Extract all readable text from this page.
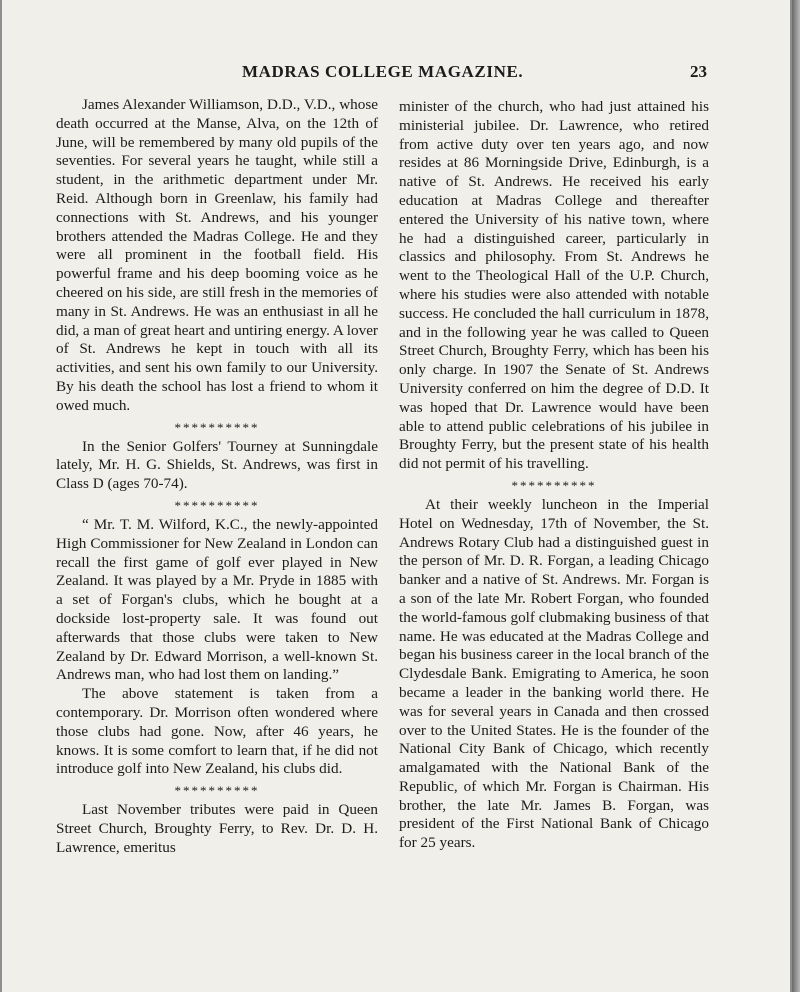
MADRAS COLLEGE MAGAZINE.	23

James Alexander Williamson, D.D., V.D., whose death occurred at the Manse, Alva, on the 12th of June, will be remembered by many old pupils of the seventies. For several years he taught, while still a student, in the arithmetic department under Mr. Reid. Although born in Greenlaw, his family had connections with St. Andrews, and his younger brothers attended the Madras College. He and they were all prominent in the football field. His powerful frame and his deep booming voice as he cheered on his side, are still fresh in the memories of many in St. Andrews. He was an enthusiast in all he did, a man of great heart and untiring energy. A lover of St. Andrews he kept in touch with all its activities, and sent his own family to our University. By his death the school has lost a friend to whom it owed much.

**********

In the Senior Golfers' Tourney at Sunningdale lately, Mr. H. G. Shields, St. Andrews, was first in Class D (ages 70-74).

**********

“ Mr. T. M. Wilford, K.C., the newly-appointed High Commissioner for New Zealand in London can recall the first game of golf ever played in New Zealand. It was played by a Mr. Pryde in 1885 with a set of Forgan's clubs, which he bought at a dockside lost-property sale. It was found out afterwards that those clubs were taken to New Zealand by Dr. Edward Morrison, a well-known St. Andrews man, who had lost them on landing.”

The above statement is taken from a contemporary. Dr. Morrison often wondered where those clubs had gone. Now, after 46 years, he knows. It is some comfort to learn that, if he did not introduce golf into New Zealand, his clubs did.

**********

Last November tributes were paid in Queen Street Church, Broughty Ferry, to Rev. Dr. D. H. Lawrence, emeritus

minister of the church, who had just attained his ministerial jubilee. Dr. Lawrence, who retired from active duty over ten years ago, and now resides at 86 Morningside Drive, Edinburgh, is a native of St. Andrews. He received his early education at Madras College and thereafter entered the University of his native town, where he had a distinguished career, particularly in classics and philosophy. From St. Andrews he went to the Theological Hall of the U.P. Church, where his studies were also attended with notable success. He concluded the hall curriculum in 1878, and in the following year he was called to Queen Street Church, Broughty Ferry, which has been his only charge. In 1907 the Senate of St. Andrews University conferred on him the degree of D.D. It was hoped that Dr. Lawrence would have been able to attend public celebrations of his jubilee in Broughty Ferry, but the present state of his health did not permit of his travelling.

**********

At their weekly luncheon in the Imperial Hotel on Wednesday, 17th of November, the St. Andrews Rotary Club had a distinguished guest in the person of Mr. D. R. Forgan, a leading Chicago banker and a native of St. Andrews. Mr. Forgan is a son of the late Mr. Robert Forgan, who founded the world-famous golf clubmaking business of that name. He was educated at the Madras College and began his business career in the local branch of the Clydesdale Bank. Emigrating to America, he soon became a leader in the banking world there. He was for several years in Canada and then crossed over to the United States. He is the founder of the National City Bank of Chicago, which recently amalgamated with the National Bank of the Republic, of which Mr. Forgan is Chairman. His brother, the late Mr. James B. Forgan, was president of the First National Bank of Chicago for 25 years.
